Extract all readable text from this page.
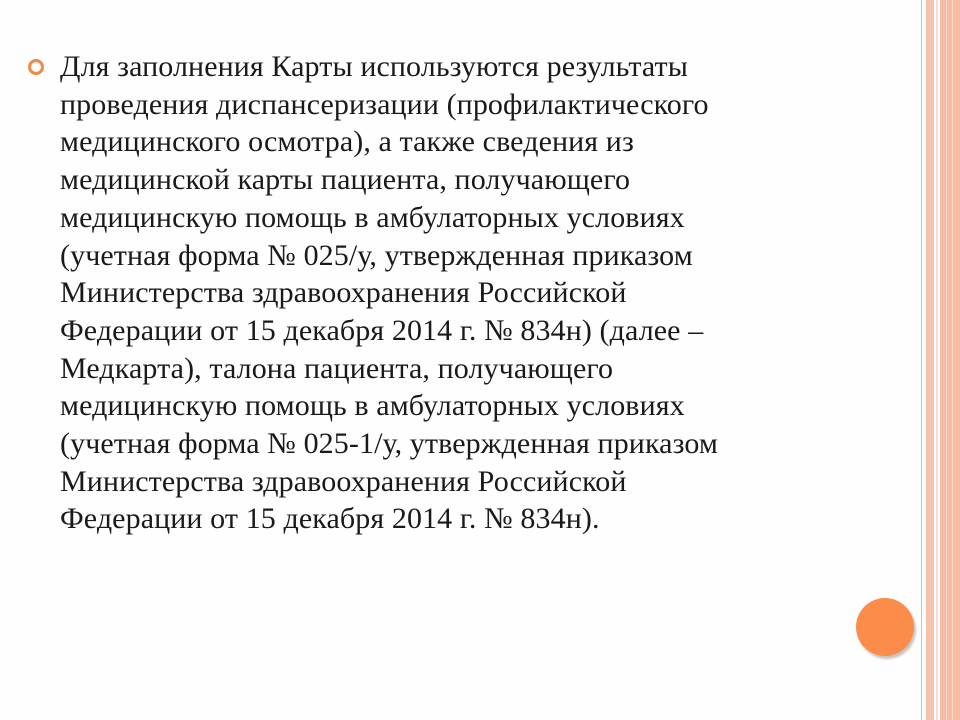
Для заполнения Карты используются результаты
проведения диспансеризации (профилактического
медицинского осмотра), а также сведения из
медицинской карты пациента, получающего
медицинскую помощь в амбулаторных условиях
(учетная форма № 025/у, утвержденная приказом
Министерства здравоохранения Российской
Федерации от 15 декабря 2014 г. № 834н) (далее –
Медкарта), талона пациента, получающего
медицинскую помощь в амбулаторных условиях
(учетная форма № 025-1/у, утвержденная приказом
Министерства здравоохранения Российской
Федерации от 15 декабря 2014 г. № 834н).
